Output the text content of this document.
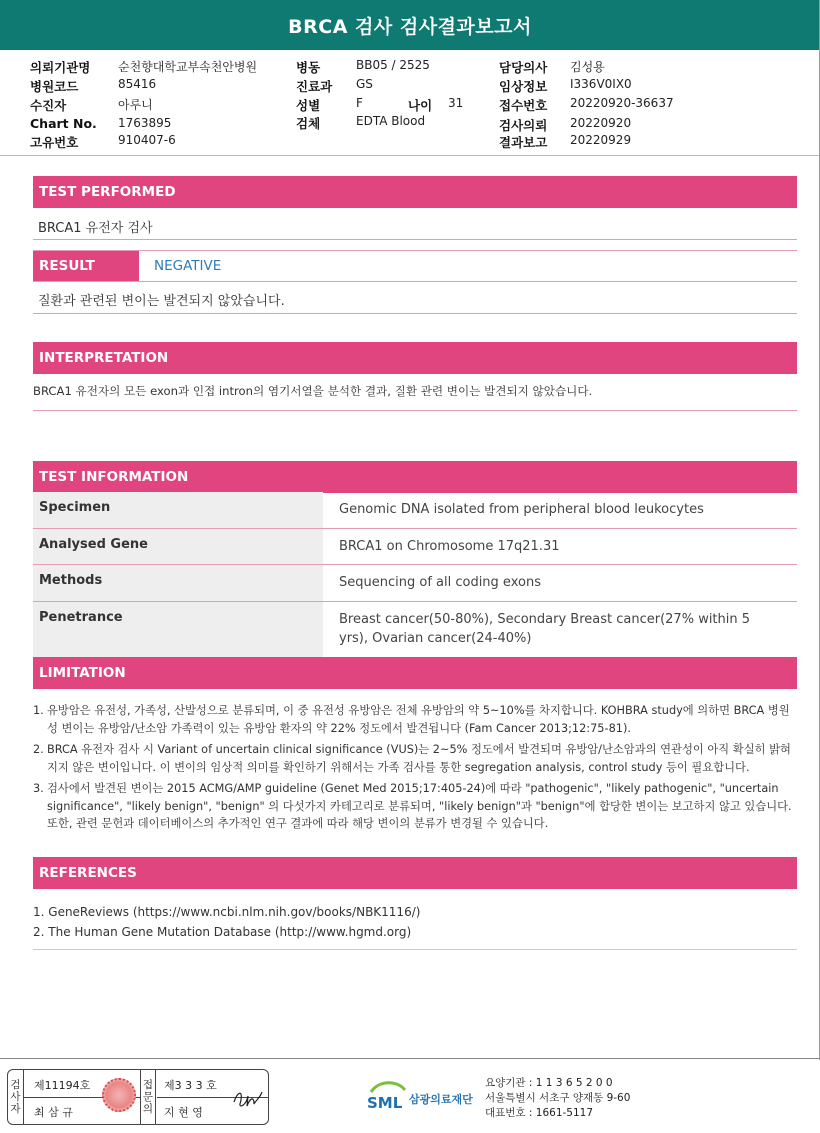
BRCA 검사 검사결과보고서
의뢰기관명 순천향대학교부속천안병원
병원코드	85416
수진자	아루니
Chart No. 1763895
고유번호	910407-6
병동	BB05 / 2525
진료과 GS
성별	F	나이 31
검체	EDTA Blood
담당의사 김성용
임상정보 I336V0IX0
접수번호 20220920-36637
검사의뢰 20220920
결과보고 20220929
TEST PERFORMED
BRCA1 유전자 검사
RESULT	NEGATIVE
질환과 관련된 변이는 발견되지 않았습니다.
INTERPRETATION
BRCA1 유전자의 모든 exon과 인접 intron의 염기서열을 분석한 결과, 질환 관련 변이는 발견되지 않았습니다.
TEST INFORMATION
Specimen	Genomic DNA isolated from peripheral blood leukocytes
Analysed Gene	BRCA1 on Chromosome 17q21.31
Methods	Sequencing of all coding exons
Penetrance	Breast cancer(50-80%), Secondary Breast cancer(27% within 5 yrs), Ovarian cancer(24-40%)
LIMITATION
1. 유방암은 유전성, 가족성, 산발성으로 분류되며, 이 중 유전성 유방암은 전체 유방암의 약 5~10%를 차지합니다. KOHBRA study에 의하면 BRCA 병원성 변이는 유방암/난소암 가족력이 있는 유방암 환자의 약 22% 정도에서 발견됩니다 (Fam Cancer 2013;12:75-81).
2. BRCA 유전자 검사 시 Variant of uncertain clinical significance (VUS)는 2~5% 정도에서 발견되며 유방암/난소암과의 연관성이 아직 확실히 밝혀지지 않은 변이입니다. 이 변이의 임상적 의미를 확인하기 위해서는 가족 검사를 통한 segregation analysis, control study 등이 필요합니다.
3. 검사에서 발견된 변이는 2015 ACMG/AMP guideline (Genet Med 2015;17:405-24)에 따라 "pathogenic", "likely pathogenic", "uncertain significance", "likely benign", "benign" 의 다섯가지 카테고리로 분류되며, "likely benign"과 "benign"에 합당한 변이는 보고하지 않고 있습니다. 또한, 관련 문헌과 데이터베이스의 추가적인 연구 결과에 따라 해당 변이의 분류가 변경될 수 있습니다.
REFERENCES
1. GeneReviews (https://www.ncbi.nlm.nih.gov/books/NBK1116/)
2. The Human Gene Mutation Database (http://www.hgmd.org)
검
사
자
제11194호
최 삼 규
접
문
의
제3 3 3 호
지 현 영
SML 삼광의료재단
요양기관 : 1 1 3 6 5 2 0 0
서울특별시 서초구 양재동 9-60
대표번호 : 1661-5117
